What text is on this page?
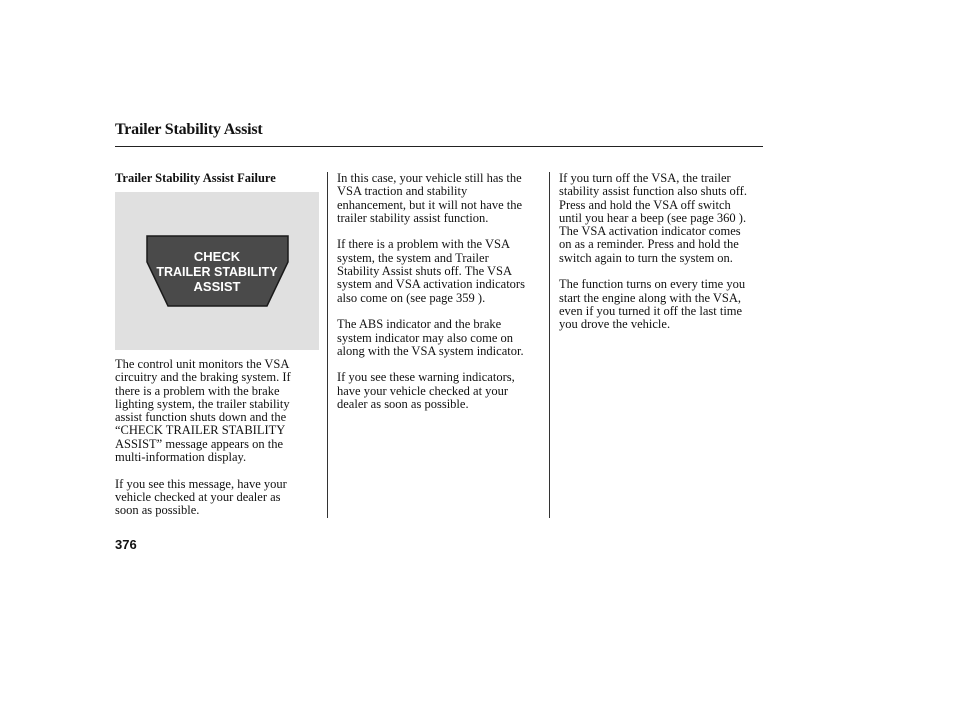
Trailer Stability Assist
Trailer Stability Assist Failure
CHECK
TRAILER STABILITY
ASSIST

The control unit monitors the VSA
circuitry and the braking system. If
there is a problem with the brake
lighting system, the trailer stability
assist function shuts down and the
“CHECK TRAILER STABILITY
ASSIST” message appears on the
multi-information display.

If you see this message, have your
vehicle checked at your dealer as
soon as possible.

In this case, your vehicle still has the
VSA traction and stability
enhancement, but it will not have the
trailer stability assist function.

If there is a problem with the VSA
system, the system and Trailer
Stability Assist shuts off. The VSA
system and VSA activation indicators
also come on (see page 359 ).

The ABS indicator and the brake
system indicator may also come on
along with the VSA system indicator.

If you see these warning indicators,
have your vehicle checked at your
dealer as soon as possible.

If you turn off the VSA, the trailer
stability assist function also shuts off.
Press and hold the VSA off switch
until you hear a beep (see page 360 ).
The VSA activation indicator comes
on as a reminder. Press and hold the
switch again to turn the system on.

The function turns on every time you
start the engine along with the VSA,
even if you turned it off the last time
you drove the vehicle.

376
